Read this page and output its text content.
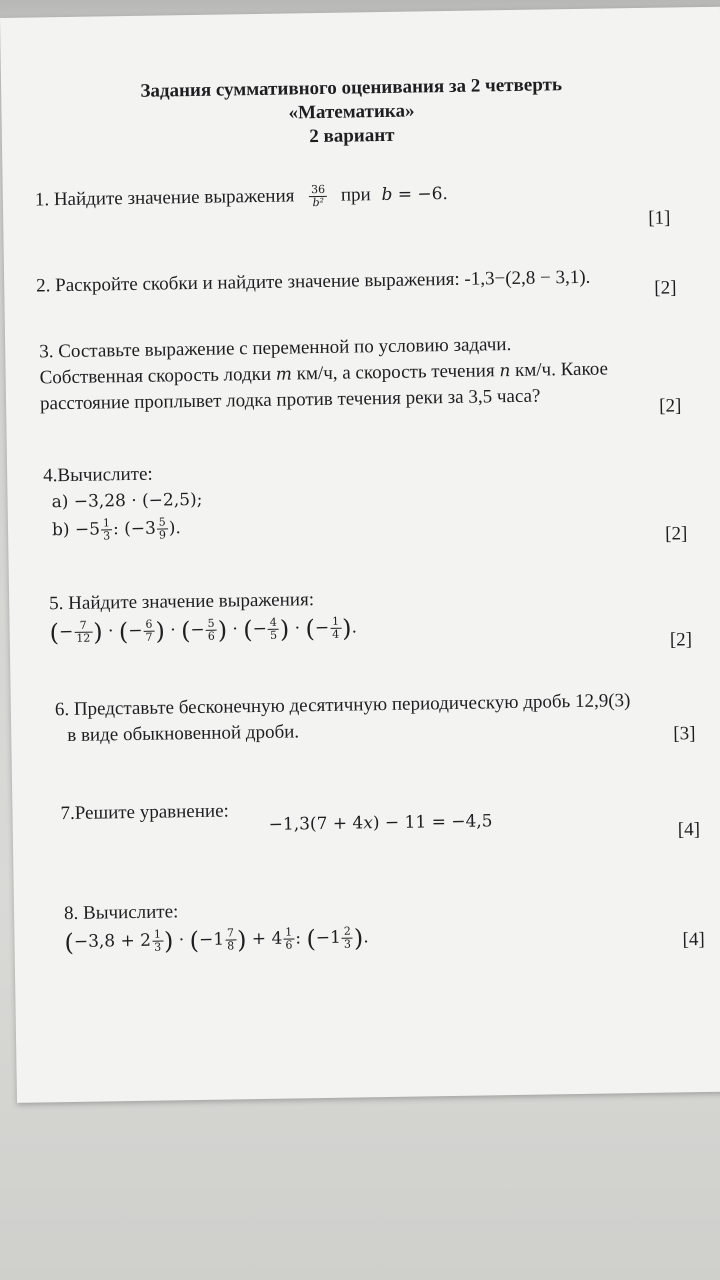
Задания суммативного оценивания за 2 четверть
«Математика»
2 вариант
1. Найдите значение выражения $\frac{36}{\text{b²}}$ при b = −6.
[1]
2. Раскройте скобки и найдите значение выражения: -1,3−(2,8 − 3,1).	[2]
3. Составьте выражение с переменной по условию задачи.
Собственная скорость лодки m км/ч, а скорость течения n км/ч. Какое
расстояние проплывет лодка против течения реки за 3,5 часа?	[2]
4.Вычислите:
a) −3,28 · (−2,5);
$b) -5 \frac{1}{3}$ : ($-3 \frac{5}{9}$ ).	[2]
5. Найдите значение выражения:
(− $\frac{7}{12}$ ) · (− $\frac{6}{7}$ ) · (− $\frac{5}{6}$ ) · (− $\frac{4}{5}$ ) · (− $\frac{1}{4}$ ).
[2]
6. Представьте бесконечную десятичную периодическую дробь 12,9(3)
в виде обыкновенной дроби.	[3]
7.Решите уравнение: −1,3(7 + 4x) − 11 = −4,5	[4]
8. Вычислите:
($-3,8 + 2 \frac{1}{3}$ ) · ($-1 \frac{7}{8}$ ) + $4 \frac{1}{6}$ : ($-1 \frac{2}{3}$ ).	[4]
